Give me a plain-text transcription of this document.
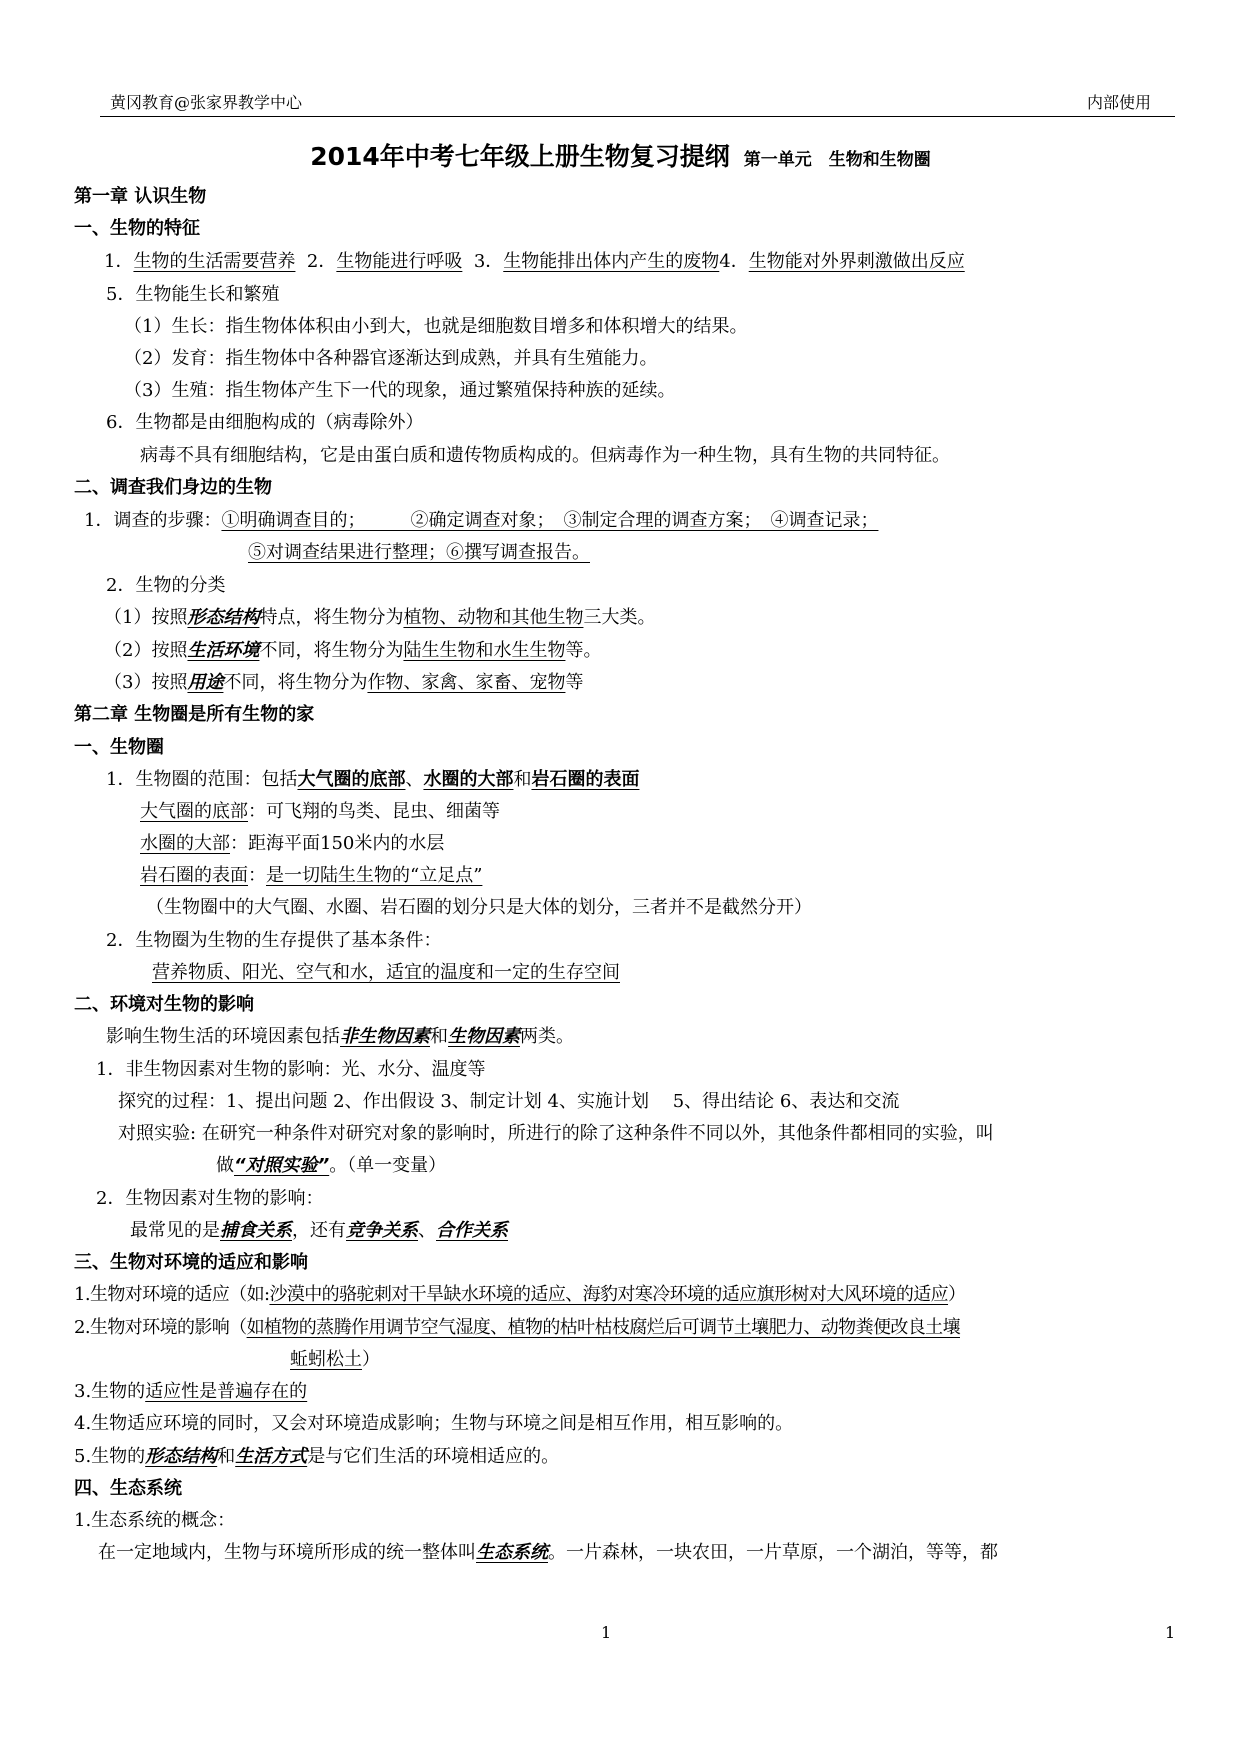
黄冈教育@张家界教学中心	内部使用
2014年中考七年级上册生物复习提纲 第一单元　生物和生物圈
第一章 认识生物
一、生物的特征
1．生物的生活需要营养 2．生物能进行呼吸 3．生物能排出体内产生的废物4．生物能对外界刺激做出反应
5．生物能生长和繁殖
（1）生长：指生物体体积由小到大，也就是细胞数目增多和体积增大的结果。
（2）发育：指生物体中各种器官逐渐达到成熟，并具有生殖能力。
（3）生殖：指生物体产生下一代的现象，通过繁殖保持种族的延续。
6．生物都是由细胞构成的（病毒除外）
病毒不具有细胞结构，它是由蛋白质和遗传物质构成的。但病毒作为一种生物，具有生物的共同特征。
二、调查我们身边的生物
1．调查的步骤：①明确调查目的；　　　②确定调查对象；　③制定合理的调查方案；　④调查记录；
⑤对调查结果进行整理；⑥撰写调查报告。
2．生物的分类
（1）按照形态结构特点，将生物分为植物、动物和其他生物三大类。
（2）按照生活环境不同，将生物分为陆生生物和水生生物等。
（3）按照用途不同，将生物分为作物、家禽、家畜、宠物等
第二章 生物圈是所有生物的家
一、生物圈
1．生物圈的范围：包括大气圈的底部、水圈的大部和岩石圈的表面
大气圈的底部：可飞翔的鸟类、昆虫、细菌等
水圈的大部：距海平面150米内的水层
岩石圈的表面：是一切陆生生物的“立足点”
（生物圈中的大气圈、水圈、岩石圈的划分只是大体的划分，三者并不是截然分开）
2．生物圈为生物的生存提供了基本条件：
营养物质、阳光、空气和水，适宜的温度和一定的生存空间
二、环境对生物的影响
影响生物生活的环境因素包括非生物因素和生物因素两类。
1．非生物因素对生物的影响：光、水分、温度等
探究的过程：1、提出问题 2、作出假设 3、制定计划 4、实施计划　 5、得出结论 6、表达和交流
对照实验: 在研究一种条件对研究对象的影响时，所进行的除了这种条件不同以外，其他条件都相同的实验，叫
做“对照实验”。（单一变量）
2．生物因素对生物的影响：
最常见的是捕食关系，还有竞争关系、合作关系
三、生物对环境的适应和影响
1.生物对环境的适应（如:沙漠中的骆驼刺对干旱缺水环境的适应、海豹对寒冷环境的适应旗形树对大风环境的适应）
2.生物对环境的影响（如植物的蒸腾作用调节空气湿度、植物的枯叶枯枝腐烂后可调节土壤肥力、动物粪便改良土壤
蚯蚓松土）
3.生物的适应性是普遍存在的
4.生物适应环境的同时，又会对环境造成影响；生物与环境之间是相互作用，相互影响的。
5.生物的形态结构和生活方式是与它们生活的环境相适应的。
四、生态系统
1.生态系统的概念：
在一定地域内，生物与环境所形成的统一整体叫生态系统。一片森林，一块农田，一片草原，一个湖泊，等等，都
1	1
